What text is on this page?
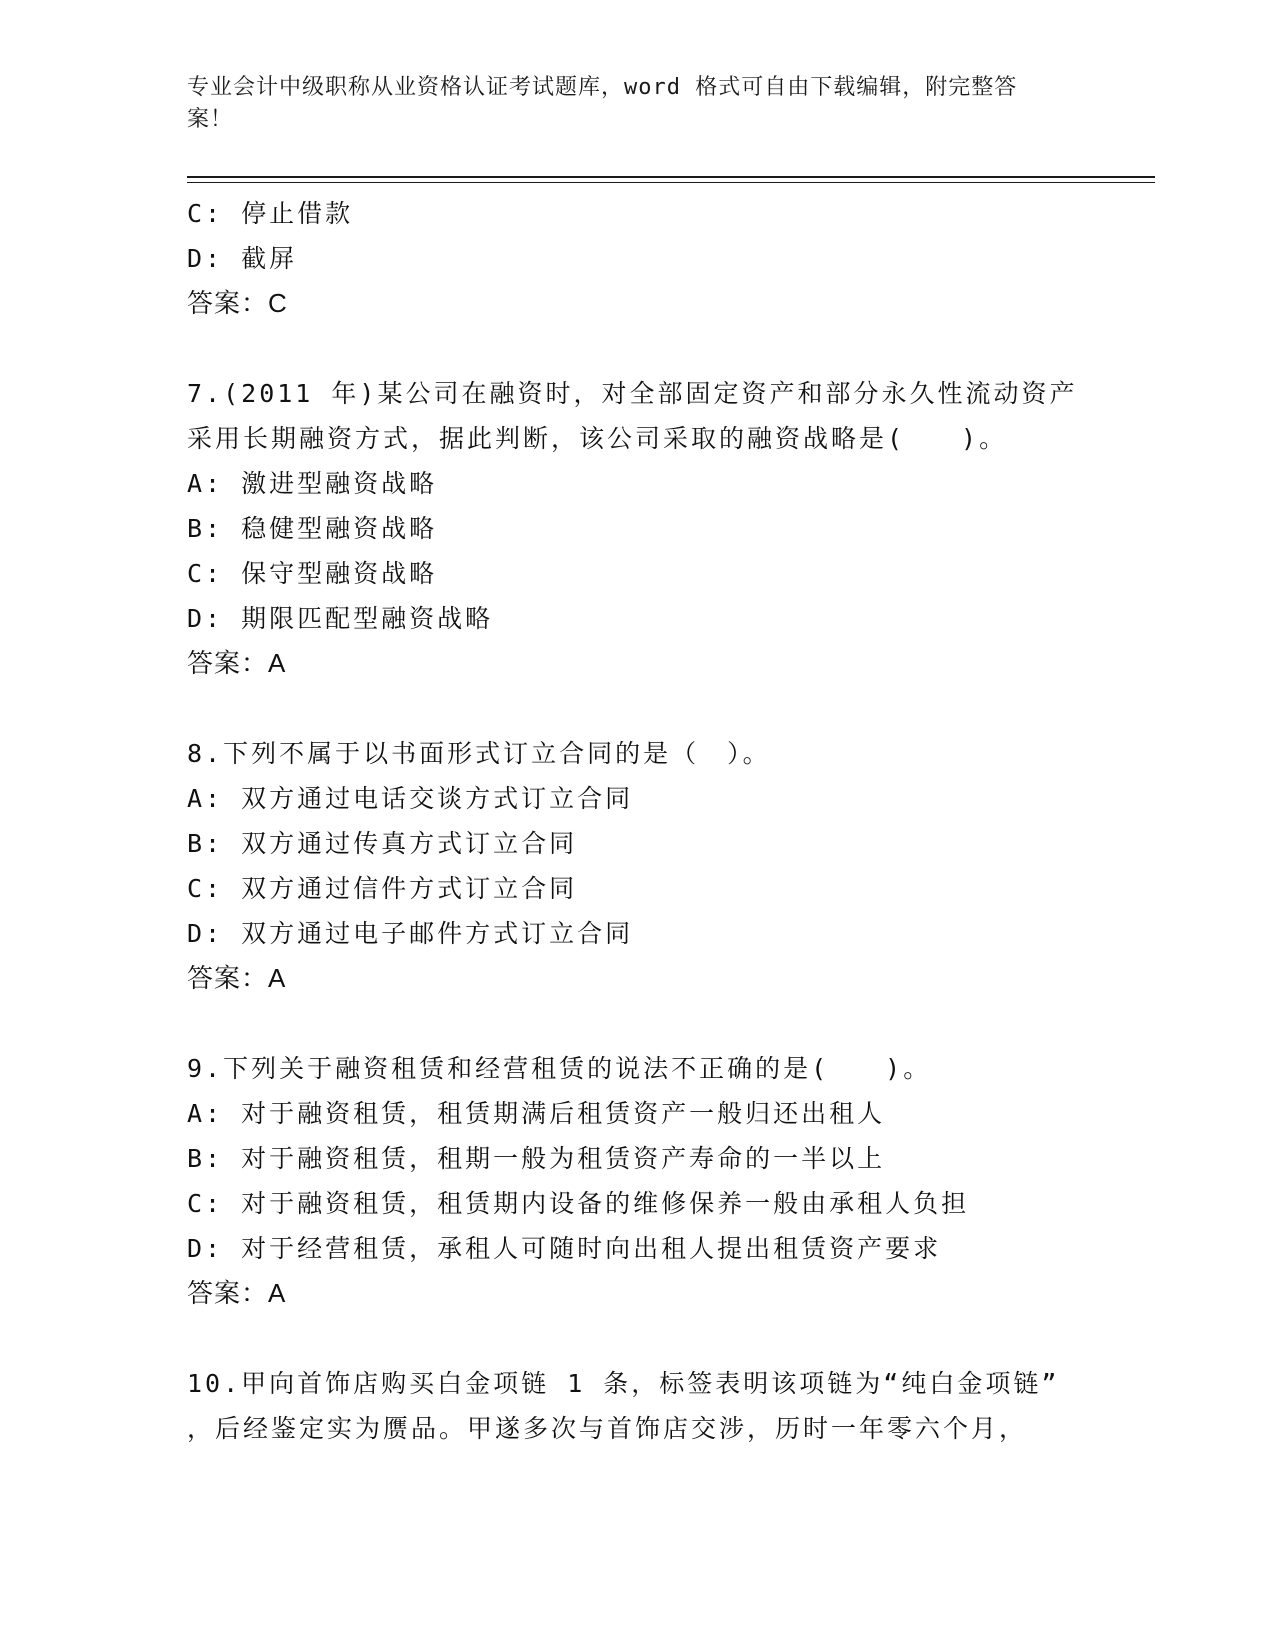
专业会计中级职称从业资格认证考试题库，word 格式可自由下载编辑，附完整答
案！
C: 停止借款
D: 截屏
答案：C
7.(2011 年)某公司在融资时，对全部固定资产和部分永久性流动资产
采用长期融资方式，据此判断，该公司采取的融资战略是(　　)。
A: 激进型融资战略
B: 稳健型融资战略
C: 保守型融资战略
D: 期限匹配型融资战略
答案：A
8.下列不属于以书面形式订立合同的是（　）。
A: 双方通过电话交谈方式订立合同
B: 双方通过传真方式订立合同
C: 双方通过信件方式订立合同
D: 双方通过电子邮件方式订立合同
答案：A
9.下列关于融资租赁和经营租赁的说法不正确的是(　　)。
A: 对于融资租赁，租赁期满后租赁资产一般归还出租人
B: 对于融资租赁，租期一般为租赁资产寿命的一半以上
C: 对于融资租赁，租赁期内设备的维修保养一般由承租人负担
D: 对于经营租赁，承租人可随时向出租人提出租赁资产要求
答案：A
10.甲向首饰店购买白金项链 1 条，标签表明该项链为“纯白金项链”
，后经鉴定实为赝品。甲遂多次与首饰店交涉，历时一年零六个月，
